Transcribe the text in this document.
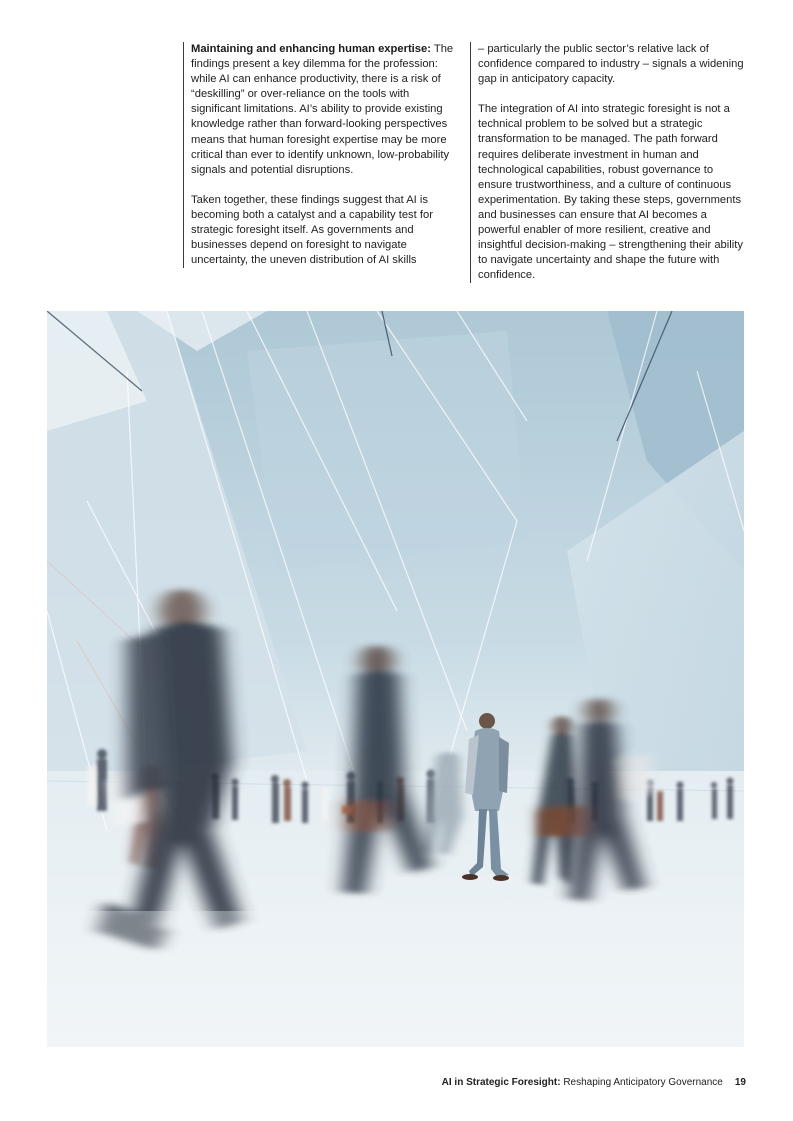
Maintaining and enhancing human expertise: The findings present a key dilemma for the profession: while AI can enhance productivity, there is a risk of “deskilling” or over-reliance on the tools with significant limitations. AI’s ability to provide existing knowledge rather than forward-looking perspectives means that human foresight expertise may be more critical than ever to identify unknown, low-probability signals and potential disruptions.

Taken together, these findings suggest that AI is becoming both a catalyst and a capability test for strategic foresight itself. As governments and businesses depend on foresight to navigate uncertainty, the uneven distribution of AI skills

– particularly the public sector’s relative lack of confidence compared to industry – signals a widening gap in anticipatory capacity.

The integration of AI into strategic foresight is not a technical problem to be solved but a strategic transformation to be managed. The path forward requires deliberate investment in human and technological capabilities, robust governance to ensure trustworthiness, and a culture of continuous experimentation. By taking these steps, governments and businesses can ensure that AI becomes a powerful enabler of more resilient, creative and insightful decision-making – strengthening their ability to navigate uncertainty and shape the future with confidence.

AI in Strategic Foresight: Reshaping Anticipatory Governance 19
